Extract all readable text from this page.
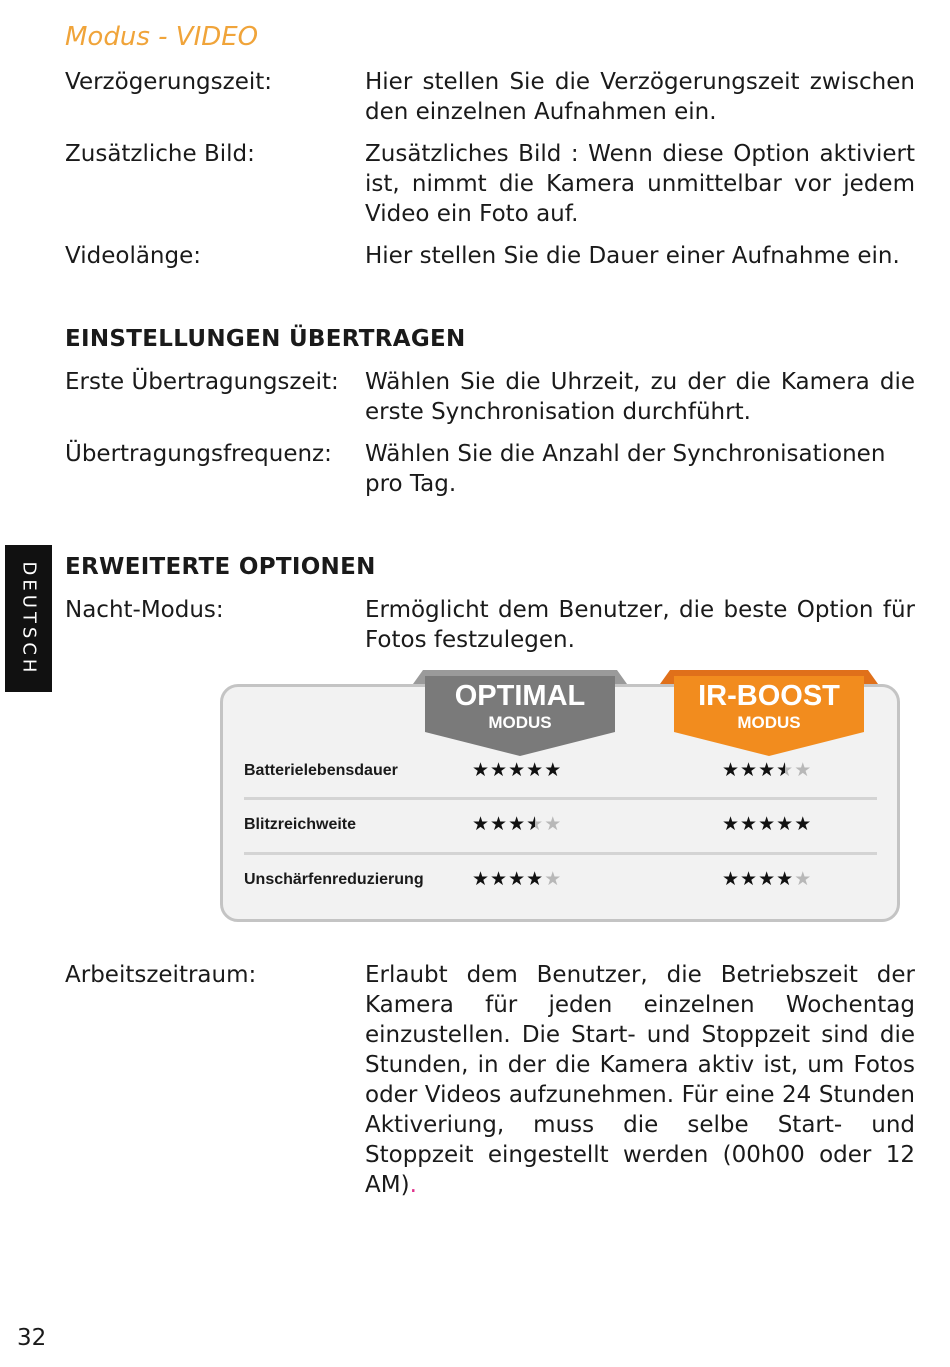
Modus - VIDEO
Verzögerungszeit:	Hier stellen Sie die Verzögerungszeit zwischen den einzelnen Aufnahmen ein.
Zusätzliche Bild:	Zusätzliches Bild : Wenn diese Option aktiviert ist, nimmt die Kamera unmittelbar vor jedem Video ein Foto auf.
Videolänge:	Hier stellen Sie die Dauer einer Aufnahme ein.
EINSTELLUNGEN ÜBERTRAGEN
Erste Übertragungszeit: Wählen Sie die Uhrzeit, zu der die Kamera die erste Synchronisation durchführt.
Übertragungsfrequenz: Wählen Sie die Anzahl der Synchronisationen pro Tag.
DEUTSCH ERWEITERTE OPTIONEN
Nacht-Modus:	Ermöglicht dem Benutzer, die beste Option für Fotos festzulegen.
OPTIMAL
MODUS
IR-BOOST
MODUS
Batterielebensdauer	★★★★★	★★★★★
Blitzreichweite	★★★★★	★★★★★
Unschärfenreduzierung	★★★★★	★★★★★
Arbeitszeitraum:	Erlaubt dem Benutzer, die Betriebszeit der Kamera für jeden einzelnen Wochentag einzustellen. Die Start- und Stoppzeit sind die Stunden, in der die Kamera aktiv ist, um Fotos oder Videos aufzunehmen. Für eine 24 Stunden Aktiveriung, muss die selbe Start- und Stoppzeit eingestellt werden (00h00 oder 12 AM).
32
